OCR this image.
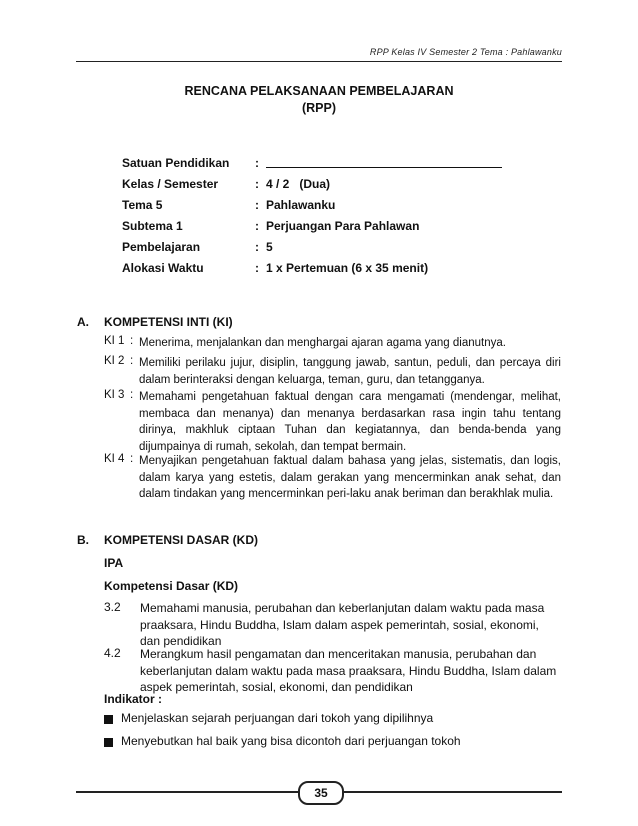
RPP Kelas IV Semester 2 Tema : Pahlawanku
RENCANA PELAKSANAAN PEMBELAJARAN
(RPP)
Satuan Pendidikan :
Kelas / Semester	: 4 / 2   (Dua)
Tema 5	: Pahlawanku
Subtema 1	: Perjuangan Para Pahlawan
Pembelajaran	: 5
Alokasi Waktu	: 1 x Pertemuan (6 x 35 menit)
A. KOMPETENSI INTI (KI)
KI 1 : Menerima, menjalankan dan menghargai ajaran agama yang dianutnya.
KI 2 : Memiliki perilaku jujur, disiplin, tanggung jawab, santun, peduli, dan percaya diri dalam berinteraksi dengan keluarga, teman, guru, dan tetangganya.
KI 3 : Memahami pengetahuan faktual dengan cara mengamati (mendengar, melihat, membaca dan menanya) dan menanya berdasarkan rasa ingin tahu tentang dirinya, makhluk ciptaan Tuhan dan kegiatannya, dan benda-benda yang dijumpainya di rumah, sekolah, dan tempat bermain.
KI 4 : Menyajikan pengetahuan faktual dalam bahasa yang jelas, sistematis, dan logis, dalam karya yang estetis, dalam gerakan yang mencerminkan anak sehat, dan dalam tindakan yang mencerminkan peri-laku anak beriman dan berakhlak mulia.
B. KOMPETENSI DASAR (KD)
IPA
Kompetensi Dasar (KD)
3.2 Memahami manusia, perubahan dan keberlanjutan dalam waktu pada masa praaksara, Hindu Buddha, Islam dalam aspek pemerintah, sosial, ekonomi, dan pendidikan
4.2 Merangkum hasil pengamatan dan menceritakan manusia, perubahan dan keberlanjutan dalam waktu pada masa praaksara, Hindu Buddha, Islam dalam aspek pemerintah, sosial, ekonomi, dan pendidikan
Indikator :
Menjelaskan sejarah perjuangan dari tokoh yang dipilihnya
Menyebutkan hal baik yang bisa dicontoh dari perjuangan tokoh
35
